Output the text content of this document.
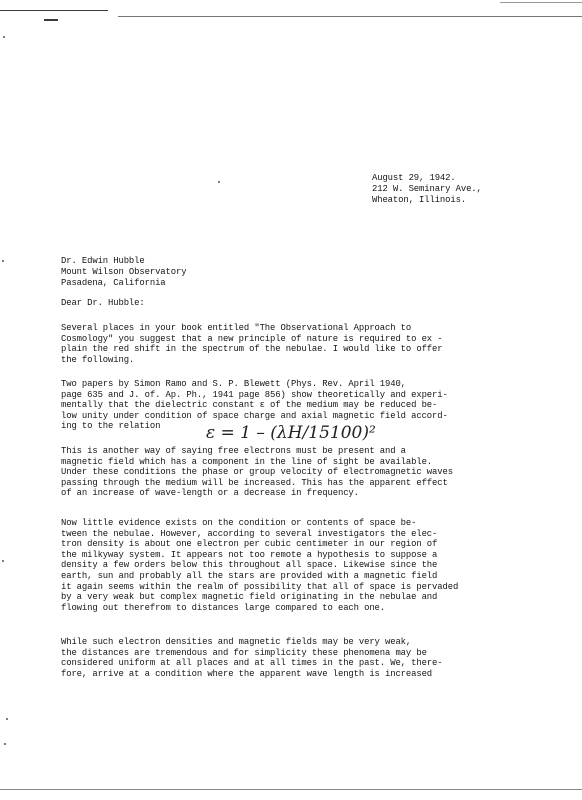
August 29, 1942.
212 W. Seminary Ave.,
Wheaton, Illinois.
Dr. Edwin Hubble
Mount Wilson Observatory
Pasadena, California
Dear Dr. Hubble:
Several places in your book entitled "The Observational Approach to
Cosmology" you suggest that a new principle of nature is required to ex -
plain the red shift in the spectrum of the nebulae. I would like to offer
the following.
Two papers by Simon Ramo and S. P. Blewett (Phys. Rev. April 1940,
page 635 and J. of. Ap. Ph., 1941 page 856) show theoretically and experi-
mentally that the dielectric constant ε of the medium may be reduced be-
low unity under condition of space charge and axial magnetic field accord-
ing to the relation	ε = 1 – (λH/15100)²
This is another way of saying free electrons must be present and a
magnetic field which has a component in the line of sight be available.
Under these conditions the phase or group velocity of electromagnetic waves
passing through the medium will be increased. This has the apparent effect
of an increase of wave-length or a decrease in frequency.
Now little evidence exists on the condition or contents of space be-
tween the nebulae. However, according to several investigators the elec-
tron density is about one electron per cubic centimeter in our region of
the milkyway system. It appears not too remote a hypothesis to suppose a
density a few orders below this throughout all space. Likewise since the
earth, sun and probably all the stars are provided with a magnetic field
it again seems within the realm of possibility that all of space is pervaded
by a very weak but complex magnetic field originating in the nebulae and
flowing out therefrom to distances large compared to each one.
While such electron densities and magnetic fields may be very weak,
the distances are tremendous and for simplicity these phenomena may be
considered uniform at all places and at all times in the past. We, there-
fore, arrive at a condition where the apparent wave length is increased
